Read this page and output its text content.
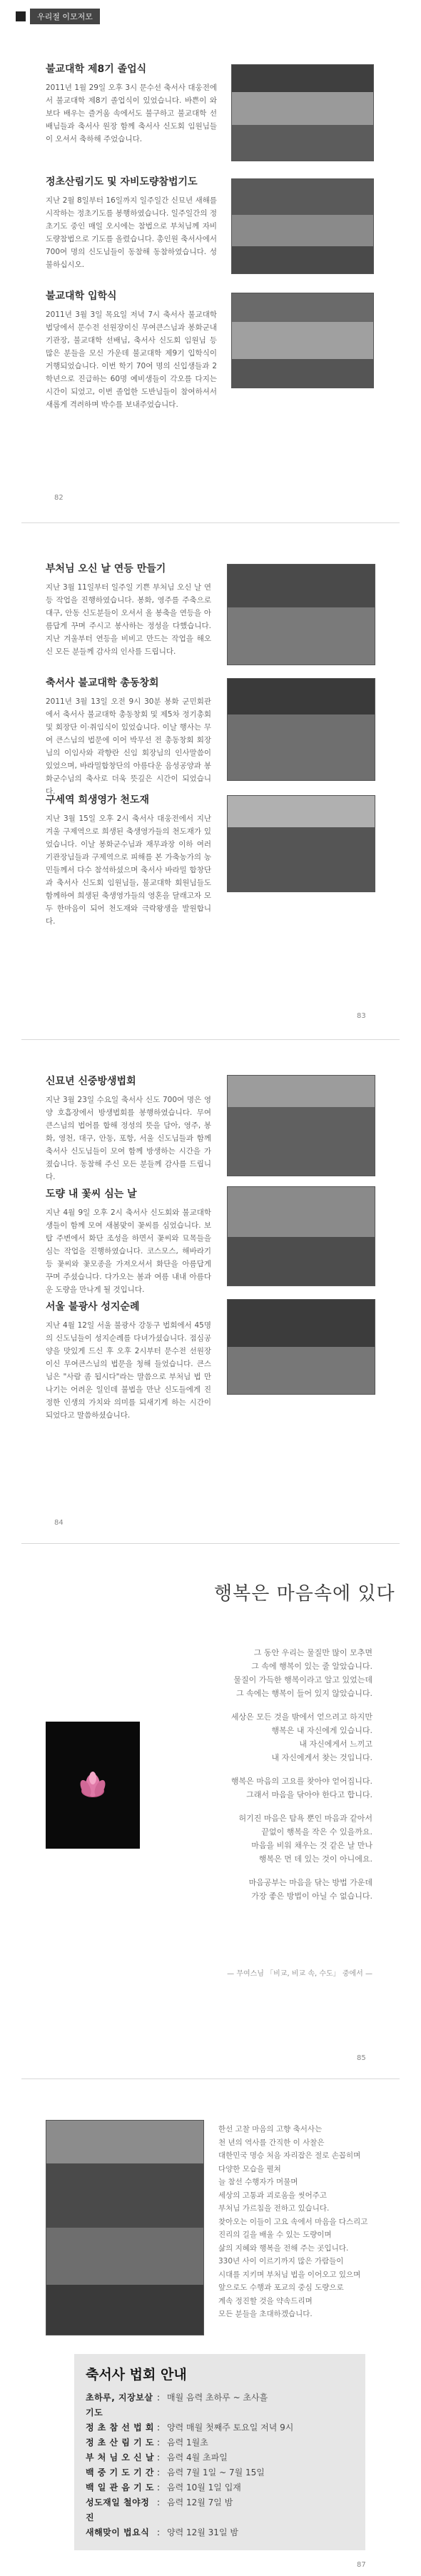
우리절 이모저모
불교대학 제8기 졸업식
2011년 1월 29일 오후 3시 문수선 축서사 대웅전에서 불교대학 제8기 졸업식이 있었습니다. 바쁜이 와 보다 배우는 즐거움 속에서도 불구하고 불교대학 선배님들과 축서사 원장 함께 축서사 신도회 임원님들이 오셔서 축하해 주었습니다.
정초산림기도 및 자비도량참법기도
지난 2월 8일부터 16일까지 일주일간 신묘년 새해를 시작하는 정초기도를 봉행하였습니다. 일주일간의 정초기도 중인 매일 오시에는 참법으로 부처님께 자비도량참법으로 기도를 올렸습니다. 총인원 축서사에서 700여 명의 신도님들이 동참해 동참하였습니다. 성불하십시오.
불교대학 입학식
2011년 3월 3일 목요일 저녁 7시 축서사 불교대학 법당에서 문수전 선원장이신 무여큰스님과 봉화군내 기관장, 불교대학 선배님, 축서사 신도회 임원님 등 많은 분들을 모신 가운데 불교대학 제9기 입학식이 거행되었습니다. 이번 학기 70여 명의 신입생들과 2학년으로 진급하는 60명 예비생들이 각오를 다지는 시간이 되었고, 이번 졸업한 도반님들이 참여하셔서 새롭게 격려하며 박수를 보내주었습니다.
82
부처님 오신 날 연등 만들기
지난 3월 11일부터 일주일 기쁜 부처님 오신 날 연등 작업을 진행하였습니다. 봉화, 영주를 주축으로 대구, 안동 신도분들이 오셔서 올 봉축을 연등을 아름답게 꾸며 주시고 봉사하는 정성을 다했습니다. 지난 겨울부터 연등을 비비고 만드는 작업을 해오신 모든 분들께 감사의 인사를 드립니다.
축서사 불교대학 총동창회
2011년 3월 13일 오전 9시 30분 봉화 군민회관에서 축서사 불교대학 총동창회 및 제5차 정기총회 및 회장단 이·취임식이 있었습니다. 이날 행사는 무여 큰스님의 법문에 이어 박무선 전 총동창회 회장님의 이임사와 곽향란 신임 회장님의 인사말씀이 있었으며, 바라밀합창단의 아름다운 음성공양과 봉화군수님의 축사로 더욱 뜻깊은 시간이 되었습니다.
구세역 희생영가 천도재
지난 3월 15일 오후 2시 축서사 대웅전에서 지난 겨울 구제역으로 희생된 축생영가들의 천도재가 있었습니다. 이날 봉화군수님과 재무과장 이하 여러 기관장님들과 구제역으로 피해를 본 가축농가의 농민들께서 다수 참석하셨으며 축서사 바라밀 합창단과 축서사 신도회 임원님들, 불교대학 회원님들도 함께하여 희생된 축생영가들의 영혼을 달래고자 모두 한마음이 되어 천도재와 극락왕생을 발원합니다.
83
신묘년 신중방생법회
지난 3월 23일 수요일 축서사 신도 700여 명은 영양 호흡장에서 방생법회를 봉행하였습니다. 무여 큰스님의 법어를 합해 정성의 뜻을 담아, 영주, 봉화, 영천, 대구, 안동, 포항, 서울 신도님들과 함께 축서사 신도님들이 모여 함께 방생하는 시간을 가졌습니다. 동참해 주신 모든 분들께 감사를 드립니다.
도량 내 꽃씨 심는 날
지난 4월 9일 오후 2시 축서사 신도회와 불교대학생들이 함께 모여 새봄맞이 꽃씨를 심었습니다. 보탑 주변에서 화단 조성을 하면서 꽃씨와 묘목들을 심는 작업을 진행하였습니다. 코스모스, 해바라기 등 꽃씨와 꽃모종을 가져오셔서 화단을 아름답게 꾸며 주셨습니다. 다가오는 봄과 여름 내내 아름다운 도량을 만나게 될 것입니다.
서울 불광사 성지순례
지난 4월 12일 서울 불광사 강동구 법회에서 45명의 신도님들이 성지순례를 다녀가셨습니다. 점심공양을 맛있게 드신 후 오후 2시부터 문수전 선원장이신 무여큰스님의 법문을 청해 들었습니다. 큰스님은 "사람 좀 됩시다"라는 말씀으로 부처님 법 만나기는 어려운 일인데 불법을 만난 신도들에게 진정한 인생의 가치와 의미를 되새기게 하는 시간이 되었다고 말씀하셨습니다.
84
행복은 마음속에 있다

그 동안 우리는 물질만 많이 모추면
그 속에 행복이 있는 줄 알았습니다.
물질이 가득한 행복이라고 알고 있었는데
그 속에는 행복이 들어 있지 않았습니다.

세상은 모든 것을 밖에서 얻으려고 하지만
행복은 내 자신에게 있습니다.
내 자신에게서 느끼고
내 자신에게서 찾는 것입니다.

행복은 마음의 고요를 찾아야 얻어집니다.
그래서 마음을 닦아야 한다고 합니다.

허기진 마음은 탐욕 뿐인 마음과 같아서
끝없이 행복을 작은 수 있을까요.
마음을 비워 채우는 것 같은 날 만나
행복은 먼 데 있는 것이 아니에요.

마음공부는 마음을 닦는 방법 가운데
가장 좋은 방법이 아닐 수 없습니다.

— 무여스님 「비교, 비교 속, 수도」 중에서 —
85
한선 고찰 마음의 고향 축서사는
천 년의 역사를 간직한 이 사찰은
대한민국 명승 처음 자리잡은 절로 손꼽히며
다양한 모습을 펼쳐
늘 참선 수행자가 머물며
세상의 고통과 괴로움을 씻어주고
부처님 가르침을 전하고 있습니다.
찾아오는 이들이 고요 속에서 마음을 다스리고
진리의 길을 배울 수 있는 도량이며
삶의 지혜와 행복을 전해 주는 곳입니다.
330년 사이 이르기까지 많은 가람들이
시대를 지키며 부처님 법을 이어오고 있으며
앞으로도 수행과 포교의 중심 도량으로
계속 정진할 것을 약속드리며
모든 분들을 초대하겠습니다.
축서사 법회 안내
초하루, 지장보살기도
: 매월 음력 초하루 ~ 초사흘
정 초 참 선 법 회 : 양력 매월 첫째주 토요일 저녁 9시
정 초 산 림 기 도 : 음력 1월초
부 처 님 오 신 날 : 음력 4월 초파일
백 중 기 도 기 간 : 음력 7월 1일 ~ 7월 15일
백 일 관 음 기 도 : 음력 10월 1일 입재
성도재일 철야정진
: 음력 12월 7일 밤
새해맞이 법요식 : 양력 12월 31일 밤
87
